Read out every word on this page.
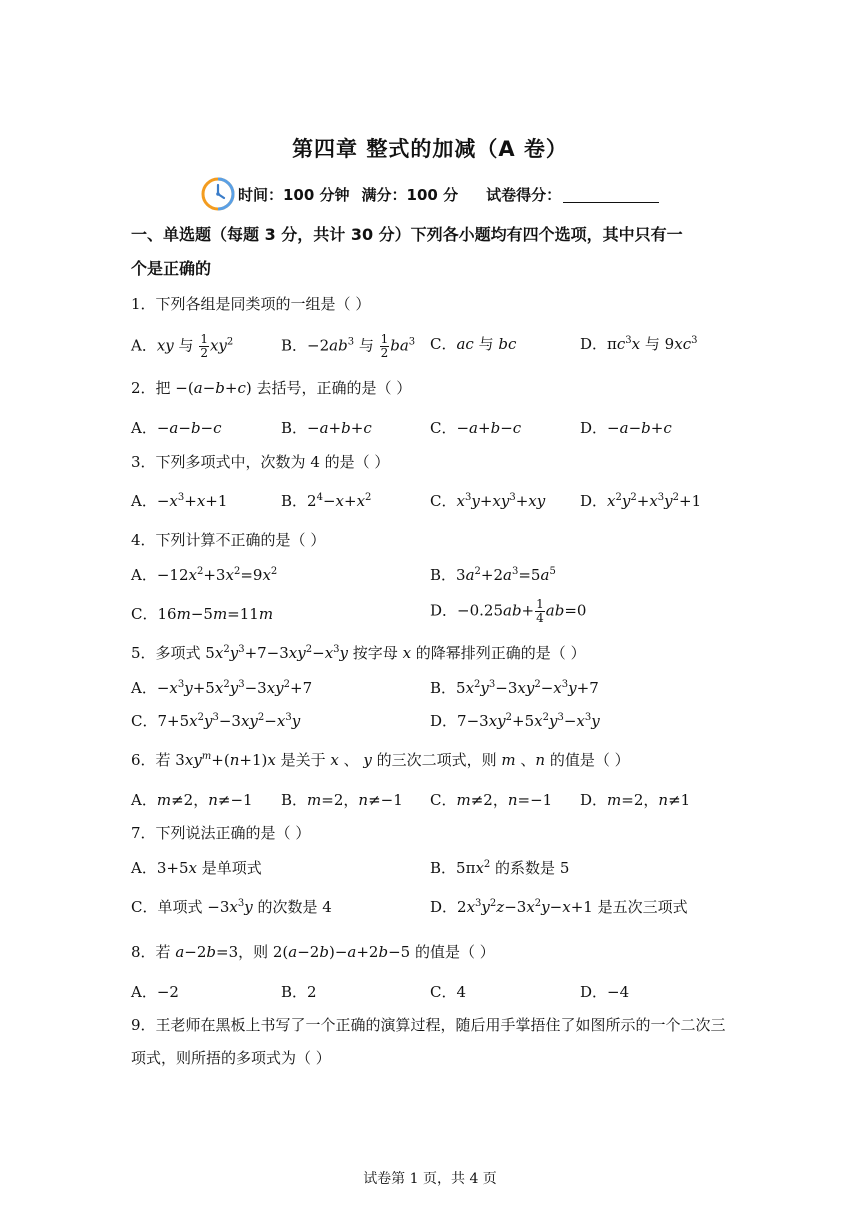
第四章 整式的加减（A 卷）
时间：100 分钟 满分：100 分 试卷得分：
一、单选题（每题 3 分，共计 30 分）下列各小题均有四个选项，其中只有一
个是正确的
1．下列各组是同类项的一组是（ ）
A．xy 与 $\frac{1}{2} xy^2$	B．$-2ab^3$ 与 $\frac{1}{2} ba^3$ C．ac 与 bc	D．$\pi c^3x$ 与 $9xc^3$
2．把 −(a−b+c) 去括号，正确的是（ ）
A．−a−b−c	B．−a+b+c	C．−a+b−c	D．−a−b+c
3．下列多项式中，次数为 4 的是（ ）
A．$-x^3+x+1$	B．$2^4-x+x^2$	C．$x^3y+xy^3+xy$ D．$x^2y^2+x^3y^2+1$
4．下列计算不正确的是（ ）
A．$-12x^2+3x^2=9x^2$	B．$3a^2+2a^3=5a^5$
C．16m−5m=11m	D．$-0.25ab+ \frac{1}{4} ab=0$
5．多项式 $5x^2y^3+7-3xy^2-x^3y$ 按字母 x 的降幂排列正确的是（ ）
A．$-x^3y+5x^2y^3-3xy^2+7$	B．$5x^2y^3-3xy^2-x^3y+7$
C．$7+5x^2y^3-3xy^2-x^3y$	D．$7-3xy^2+5x^2y^3-x^3y$
6．若 $3xy^m+(n+1)x$ 是关于 x 、 y 的三次二项式，则 m 、n 的值是（ ）
A．m≠2，n≠−1 B．m=2，n≠−1 C．m≠2，n=−1 D．m=2，n≠1
7．下列说法正确的是（ ）
A．3+5x 是单项式	B．$5\pi x^2$ 的系数是 5
C．单项式 $-3x^3y$ 的次数是 4	D．$2x^3y^2z-3x^2y-x+1$ 是五次三项式
8．若 a−2b=3，则 2(a−2b)−a+2b−5 的值是（ ）
A．−2	B．2	C．4	D．−4
9．王老师在黑板上书写了一个正确的演算过程，随后用手掌捂住了如图所示的一个二次三
项式，则所捂的多项式为（ ）
试卷第 1 页，共 4 页
